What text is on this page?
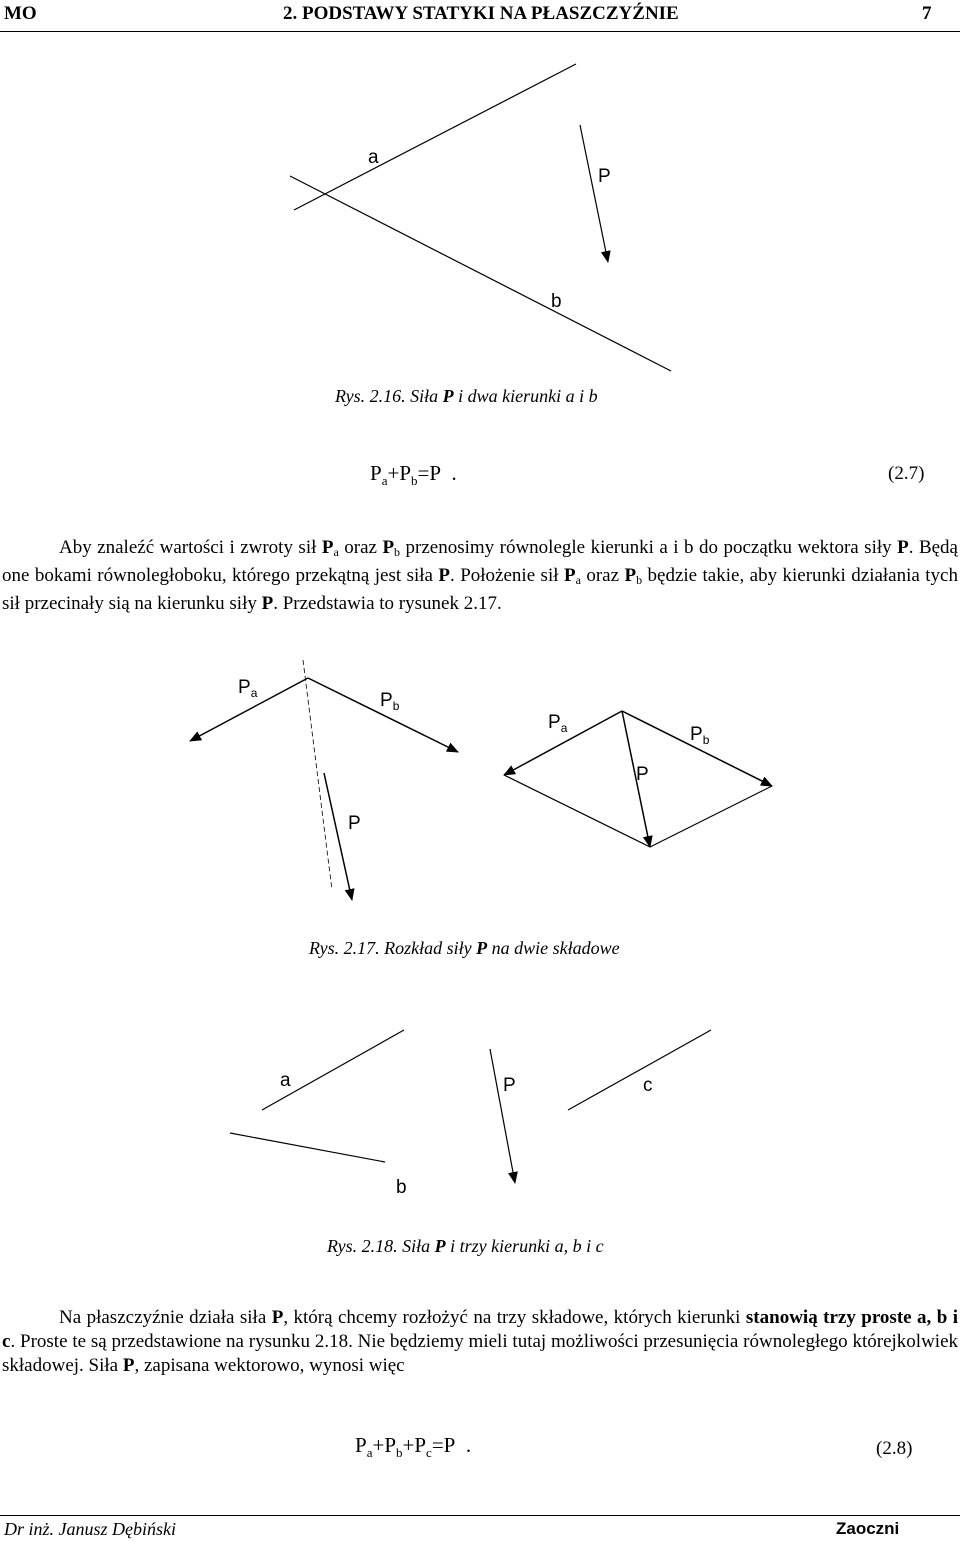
MO	2. PODSTAWY STATYKI NA PŁASZCZYŹNIE	7
a
P
b
Rys. 2.16. Siła P i dwa kierunki a i b
$P_a+P_b=P$ .	(2.7)
Aby znaleźć wartości i zwroty sił $P_a$ oraz $P_b$ przenosimy równolegle kierunki a i b do początku wektora siły P. Będą one bokami równoległoboku, którego przekątną jest siła P. Położenie sił $P_a$ oraz $P_b$ będzie takie, aby kierunki działania tych sił przecinały sią na kierunku siły P. Przedstawia to rysunek 2.17.
$P_a$	$P_b$
P
$P_a$	$P_b$
P
Rys. 2.17. Rozkład siły P na dwie składowe
a	P	c
b
Rys. 2.18. Siła P i trzy kierunki a, b i c
Na płaszczyźnie działa siła P, którą chcemy rozłożyć na trzy składowe, których kierunki stanowią trzy proste a, b i c. Proste te są przedstawione na rysunku 2.18. Nie będziemy mieli tutaj możliwości przesunięcia równoległego którejkolwiek składowej. Siła P, zapisana wektorowo, wynosi więc
$P_a+P_b+P_c=P$ .	(2.8)
Dr inż. Janusz Dębiński	Zaoczni
